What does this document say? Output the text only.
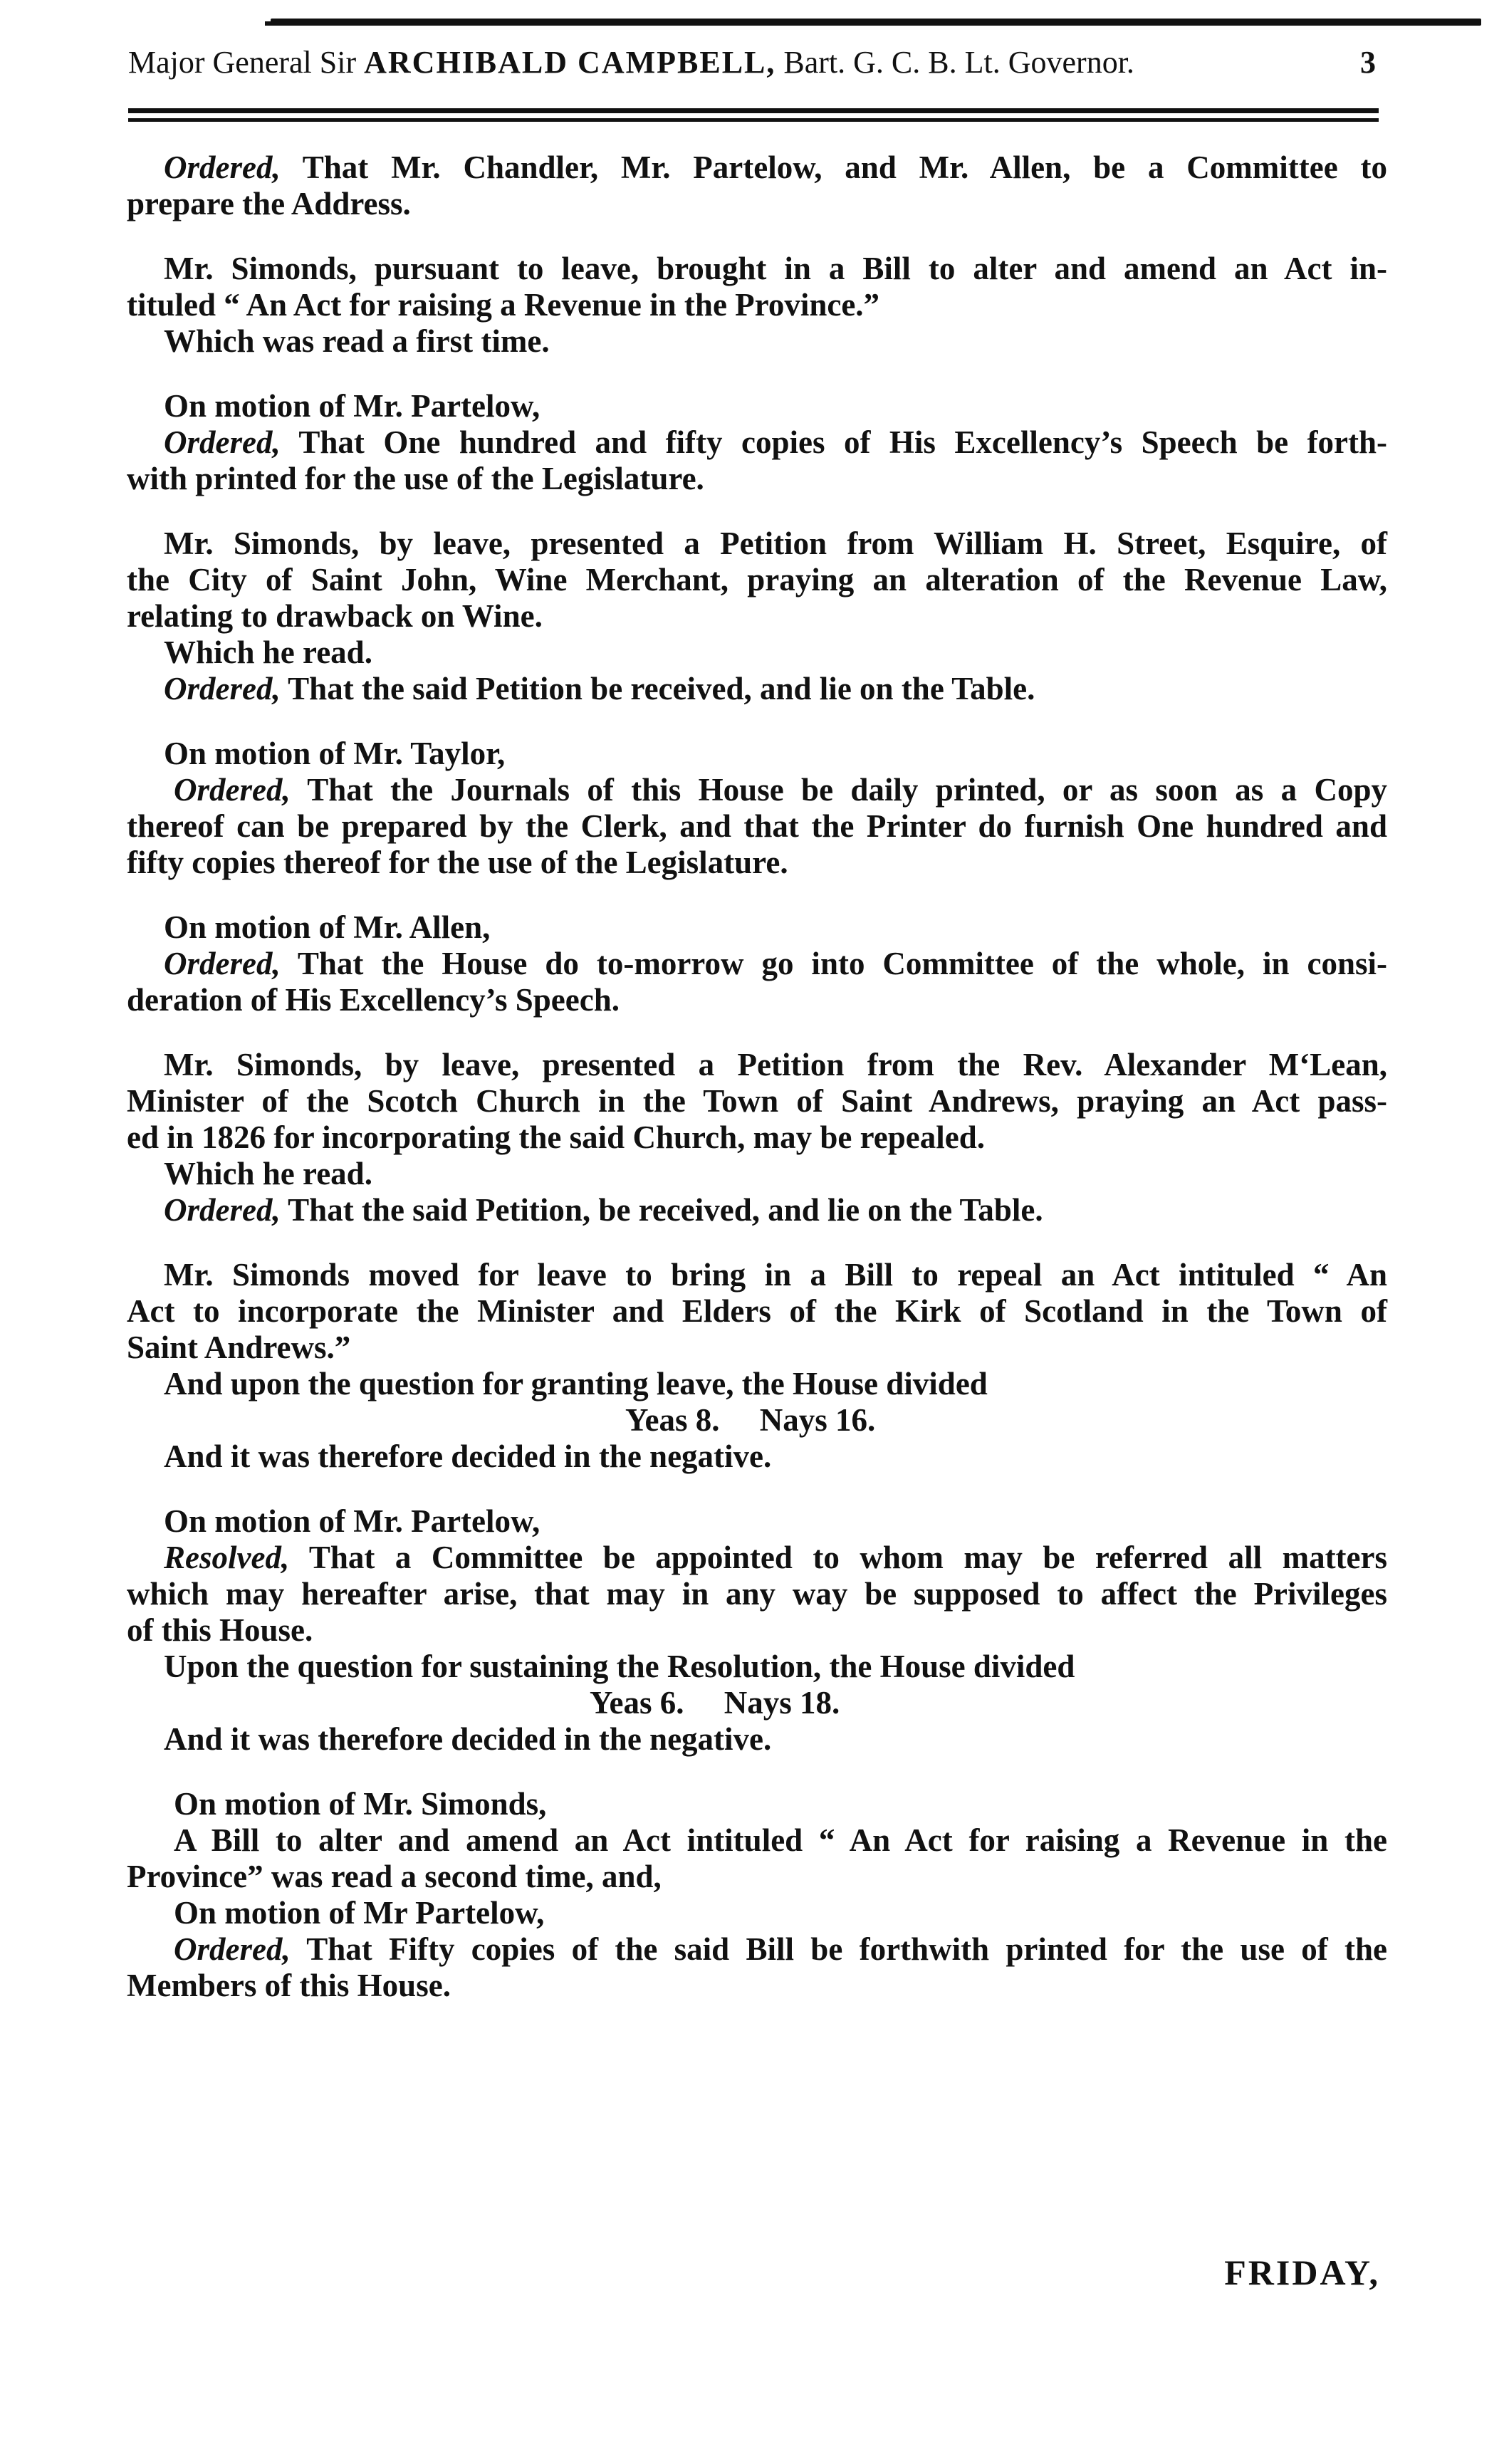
Major General Sir ARCHIBALD CAMPBELL, Bart. G. C. B. Lt. Governor.	3
Ordered, That Mr. Chandler, Mr. Partelow, and Mr. Allen, be a Committee to
prepare the Address.
Mr. Simonds, pursuant to leave, brought in a Bill to alter and amend an Act in-
tituled “ An Act for raising a Revenue in the Province.”
Which was read a first time.
On motion of Mr. Partelow,
Ordered, That One hundred and fifty copies of His Excellency’s Speech be forth-
with printed for the use of the Legislature.
Mr. Simonds, by leave, presented a Petition from William H. Street, Esquire, of
the City of Saint John, Wine Merchant, praying an alteration of the Revenue Law,
relating to drawback on Wine.
Which he read.
Ordered, That the said Petition be received, and lie on the Table.
On motion of Mr. Taylor,
Ordered, That the Journals of this House be daily printed, or as soon as a Copy
thereof can be prepared by the Clerk, and that the Printer do furnish One hundred and
fifty copies thereof for the use of the Legislature.
On motion of Mr. Allen,
Ordered, That the House do to-morrow go into Committee of the whole, in consi-
deration of His Excellency’s Speech.
Mr. Simonds, by leave, presented a Petition from the Rev. Alexander M‘Lean,
Minister of the Scotch Church in the Town of Saint Andrews, praying an Act pass-
ed in 1826 for incorporating the said Church, may be repealed.
Which he read.
Ordered, That the said Petition, be received, and lie on the Table.
Mr. Simonds moved for leave to bring in a Bill to repeal an Act intituled “ An
Act to incorporate the Minister and Elders of the Kirk of Scotland in the Town of
Saint Andrews.”
And upon the question for granting leave, the House divided
Yeas 8.     Nays 16.
And it was therefore decided in the negative.
On motion of Mr. Partelow,
Resolved, That a Committee be appointed to whom may be referred all matters
which may hereafter arise, that may in any way be supposed to affect the Privileges
of this House.
Upon the question for sustaining the Resolution, the House divided
Yeas 6.     Nays 18.
And it was therefore decided in the negative.
On motion of Mr. Simonds,
A Bill to alter and amend an Act intituled “ An Act for raising a Revenue in the
Province” was read a second time, and,
On motion of Mr Partelow,
Ordered, That Fifty copies of the said Bill be forthwith printed for the use of the
Members of this House.
FRIDAY,
